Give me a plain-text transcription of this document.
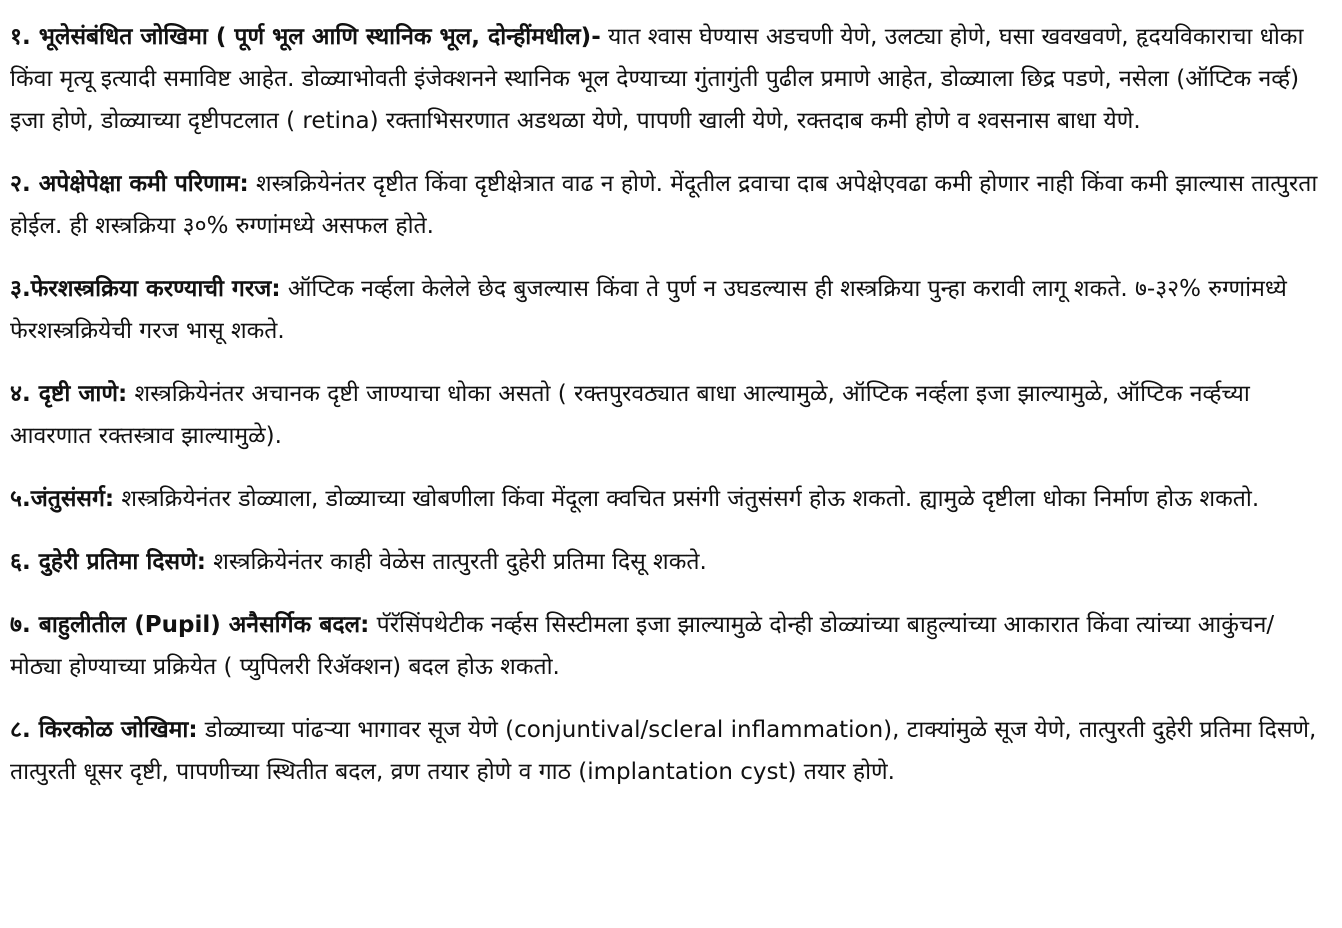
१. भूलेसंबंधित जोखिमा ( पूर्ण भूल आणि स्थानिक भूल, दोन्हींमधील)- यात श्वास घेण्यास अडचणी येणे, उलट्या होणे, घसा खवखवणे, हृदयविकाराचा धोका किंवा मृत्यू इत्यादी समाविष्ट आहेत. डोळ्याभोवती इंजेक्शनने स्थानिक भूल देण्याच्या गुंतागुंती पुढील प्रमाणे आहेत, डोळ्याला छिद्र पडणे, नसेला (ऑप्टिक नर्व्ह) इजा होणे, डोळ्याच्या दृष्टीपटलात ( retina) रक्ताभिसरणात अडथळा येणे, पापणी खाली येणे, रक्तदाब कमी होणे व श्वसनास बाधा येणे.

२. अपेक्षेपेक्षा कमी परिणाम: शस्त्रक्रियेनंतर दृष्टीत किंवा दृष्टीक्षेत्रात वाढ न होणे. मेंदूतील द्रवाचा दाब अपेक्षेएवढा कमी होणार नाही किंवा कमी झाल्यास तात्पुरता होईल. ही शस्त्रक्रिया ३०% रुग्णांमध्ये असफल होते.

३.फेरशस्त्रक्रिया करण्याची गरज: ऑप्टिक नर्व्हला केलेले छेद बुजल्यास किंवा ते पुर्ण न उघडल्यास ही शस्त्रक्रिया पुन्हा करावी लागू शकते. ७-३२% रुग्णांमध्ये फेरशस्त्रक्रियेची गरज भासू शकते.

४. दृष्टी जाणे: शस्त्रक्रियेनंतर अचानक दृष्टी जाण्याचा धोका असतो ( रक्तपुरवठ्यात बाधा आल्यामुळे, ऑप्टिक नर्व्हला इजा झाल्यामुळे, ऑप्टिक नर्व्हच्या आवरणात रक्तस्त्राव झाल्यामुळे).

५.जंतुसंसर्ग: शस्त्रक्रियेनंतर डोळ्याला, डोळ्याच्या खोबणीला किंवा मेंदूला क्वचित प्रसंगी जंतुसंसर्ग होऊ शकतो. ह्यामुळे दृष्टीला धोका निर्माण होऊ शकतो.

६. दुहेरी प्रतिमा दिसणे: शस्त्रक्रियेनंतर काही वेळेस तात्पुरती दुहेरी प्रतिमा दिसू शकते.

७. बाहुलीतील (Pupil) अनैसर्गिक बदल: पॅरॅसिंपथेटीक नर्व्हस सिस्टीमला इजा झाल्यामुळे दोन्ही डोळ्यांच्या बाहुल्यांच्या आकारात किंवा त्यांच्या आकुंचन/मोठ्या होण्याच्या प्रक्रियेत ( प्युपिलरी रिॲक्शन) बदल होऊ शकतो.

८. किरकोळ जोखिमा: डोळ्याच्या पांढऱ्या भागावर सूज येणे (conjuntival/scleral inflammation), टाक्यांमुळे सूज येणे, तात्पुरती दुहेरी प्रतिमा दिसणे, तात्पुरती धूसर दृष्टी, पापणीच्या स्थितीत बदल, व्रण तयार होणे व गाठ (implantation cyst) तयार होणे.
